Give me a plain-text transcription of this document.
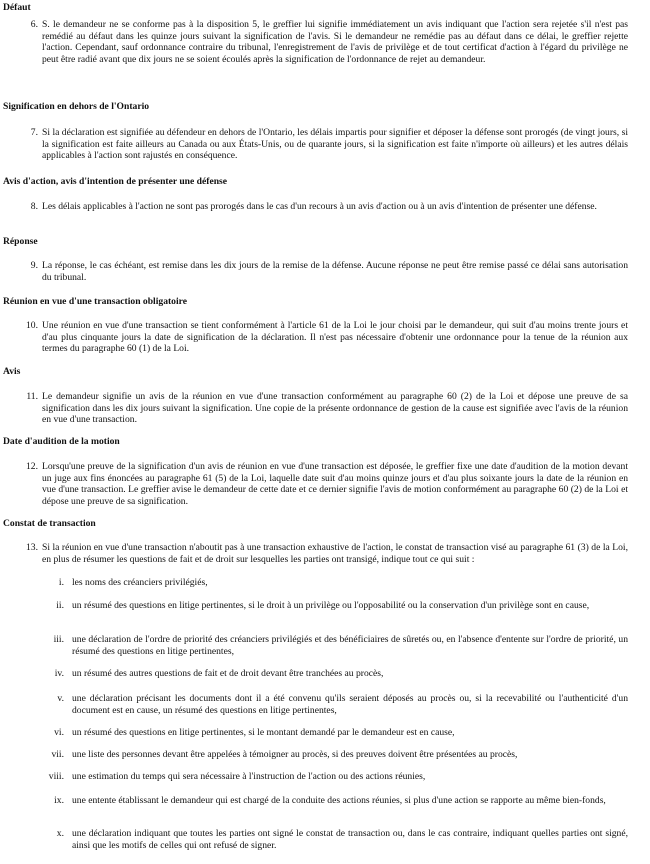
Défaut
6. S. le demandeur ne se conforme pas à la disposition 5, le greffier lui signifie immédiatement un avis indiquant que l'action sera rejetée s'il n'est pas remédié au défaut dans les quinze jours suivant la signification de l'avis. Si le demandeur ne remédie pas au défaut dans ce délai, le greffier rejette l'action. Cependant, sauf ordonnance contraire du tribunal, l'enregistrement de l'avis de privilège et de tout certificat d'action à l'égard du privilège ne peut être radié avant que dix jours ne se soient écoulés après la signification de l'ordonnance de rejet au demandeur.
Signification en dehors de l'Ontario
7. Si la déclaration est signifiée au défendeur en dehors de l'Ontario, les délais impartis pour signifier et déposer la défense sont prorogés (de vingt jours, si la signification est faite ailleurs au Canada ou aux États-Unis, ou de quarante jours, si la signification est faite n'importe où ailleurs) et les autres délais applicables à l'action sont rajustés en conséquence.
Avis d'action, avis d'intention de présenter une défense
8. Les délais applicables à l'action ne sont pas prorogés dans le cas d'un recours à un avis d'action ou à un avis d'intention de présenter une défense.
Réponse
9. La réponse, le cas échéant, est remise dans les dix jours de la remise de la défense. Aucune réponse ne peut être remise passé ce délai sans autorisation du tribunal.
Réunion en vue d'une transaction obligatoire
10. Une réunion en vue d'une transaction se tient conformément à l'article 61 de la Loi le jour choisi par le demandeur, qui suit d'au moins trente jours et d'au plus cinquante jours la date de signification de la déclaration. Il n'est pas nécessaire d'obtenir une ordonnance pour la tenue de la réunion aux termes du paragraphe 60 (1) de la Loi.
Avis
11. Le demandeur signifie un avis de la réunion en vue d'une transaction conformément au paragraphe 60 (2) de la Loi et dépose une preuve de sa signification dans les dix jours suivant la signification. Une copie de la présente ordonnance de gestion de la cause est signifiée avec l'avis de la réunion en vue d'une transaction.
Date d'audition de la motion
12. Lorsqu'une preuve de la signification d'un avis de réunion en vue d'une transaction est déposée, le greffier fixe une date d'audition de la motion devant un juge aux fins énoncées au paragraphe 61 (5) de la Loi, laquelle date suit d'au moins quinze jours et d'au plus soixante jours la date de la réunion en vue d'une transaction. Le greffier avise le demandeur de cette date et ce dernier signifie l'avis de motion conformément au paragraphe 60 (2) de la Loi et dépose une preuve de sa signification.
Constat de transaction
13. Si la réunion en vue d'une transaction n'aboutit pas à une transaction exhaustive de l'action, le constat de transaction visé au paragraphe 61 (3) de la Loi, en plus de résumer les questions de fait et de droit sur lesquelles les parties ont transigé, indique tout ce qui suit :
i. les noms des créanciers privilégiés,
ii. un résumé des questions en litige pertinentes, si le droit à un privilège ou l'opposabilité ou la conservation d'un privilège sont en cause,
iii. une déclaration de l'ordre de priorité des créanciers privilégiés et des bénéficiaires de sûretés ou, en l'absence d'entente sur l'ordre de priorité, un résumé des questions en litige pertinentes,
iv. un résumé des autres questions de fait et de droit devant être tranchées au procès,
v. une déclaration précisant les documents dont il a été convenu qu'ils seraient déposés au procès ou, si la recevabilité ou l'authenticité d'un document est en cause, un résumé des questions en litige pertinentes,
vi. un résumé des questions en litige pertinentes, si le montant demandé par le demandeur est en cause,
vii. une liste des personnes devant être appelées à témoigner au procès, si des preuves doivent être présentées au procès,
viii. une estimation du temps qui sera nécessaire à l'instruction de l'action ou des actions réunies,
ix. une entente établissant le demandeur qui est chargé de la conduite des actions réunies, si plus d'une action se rapporte au même bien-fonds,
x. une déclaration indiquant que toutes les parties ont signé le constat de transaction ou, dans le cas contraire, indiquant quelles parties ont signé, ainsi que les motifs de celles qui ont refusé de signer.
